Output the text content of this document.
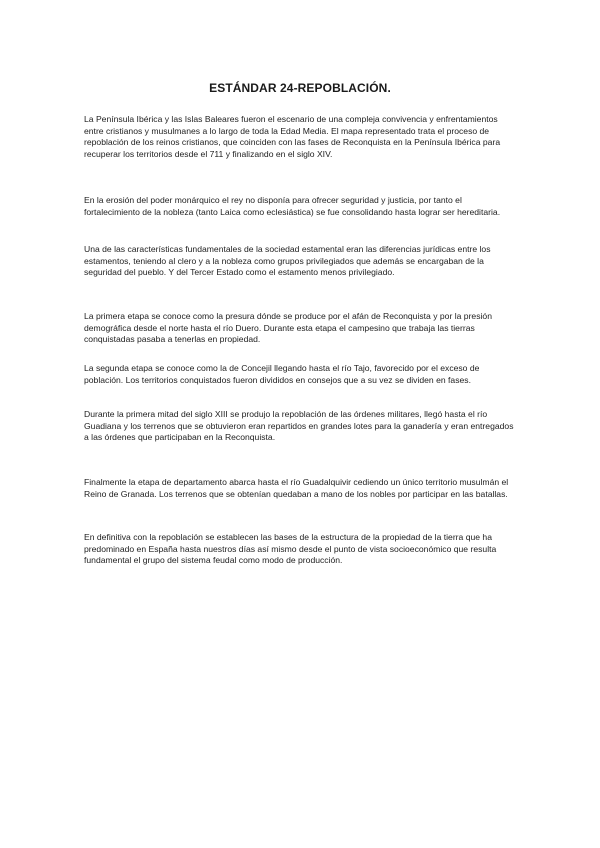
ESTÁNDAR 24-REPOBLACIÓN.

La Península Ibérica y las Islas Baleares fueron el escenario de una compleja convivencia y enfrentamientos entre cristianos y musulmanes a lo largo de toda la Edad Media. El mapa representado trata el proceso de repoblación de los reinos cristianos, que coinciden con las fases de Reconquista en la Península Ibérica para recuperar los territorios desde el 711 y finalizando en el siglo XIV.

En la erosión del poder monárquico el rey no disponía para ofrecer seguridad y justicia, por tanto el fortalecimiento de la nobleza (tanto Laica como eclesiástica) se fue consolidando hasta lograr ser hereditaria.

Una de las características fundamentales de la sociedad estamental eran las diferencias jurídicas entre los estamentos, teniendo al clero y a la nobleza como grupos privilegiados que además se encargaban de la seguridad del pueblo. Y del Tercer Estado como el estamento menos privilegiado.

La primera etapa se conoce como la presura dónde se produce por el afán de Reconquista y por la presión demográfica desde el norte hasta el río Duero. Durante esta etapa el campesino que trabaja las tierras conquistadas pasaba a tenerlas en propiedad.

La segunda etapa se conoce como la de Concejil llegando hasta el río Tajo, favorecido por el exceso de población. Los territorios conquistados fueron divididos en consejos que a su vez se dividen en fases.

Durante la primera mitad del siglo XIII se produjo la repoblación de las órdenes militares, llegó hasta el río Guadiana y los terrenos que se obtuvieron eran repartidos en grandes lotes para la ganadería y eran entregados a las órdenes que participaban en la Reconquista.

Finalmente la etapa de departamento abarca hasta el río Guadalquivir cediendo un único territorio musulmán el Reino de Granada. Los terrenos que se obtenían quedaban a mano de los nobles por participar en las batallas.

En definitiva con la repoblación se establecen las bases de la estructura de la propiedad de la tierra que ha predominado en España hasta nuestros días así mismo desde el punto de vista socioeconómico que resulta fundamental el grupo del sistema feudal como modo de producción.
